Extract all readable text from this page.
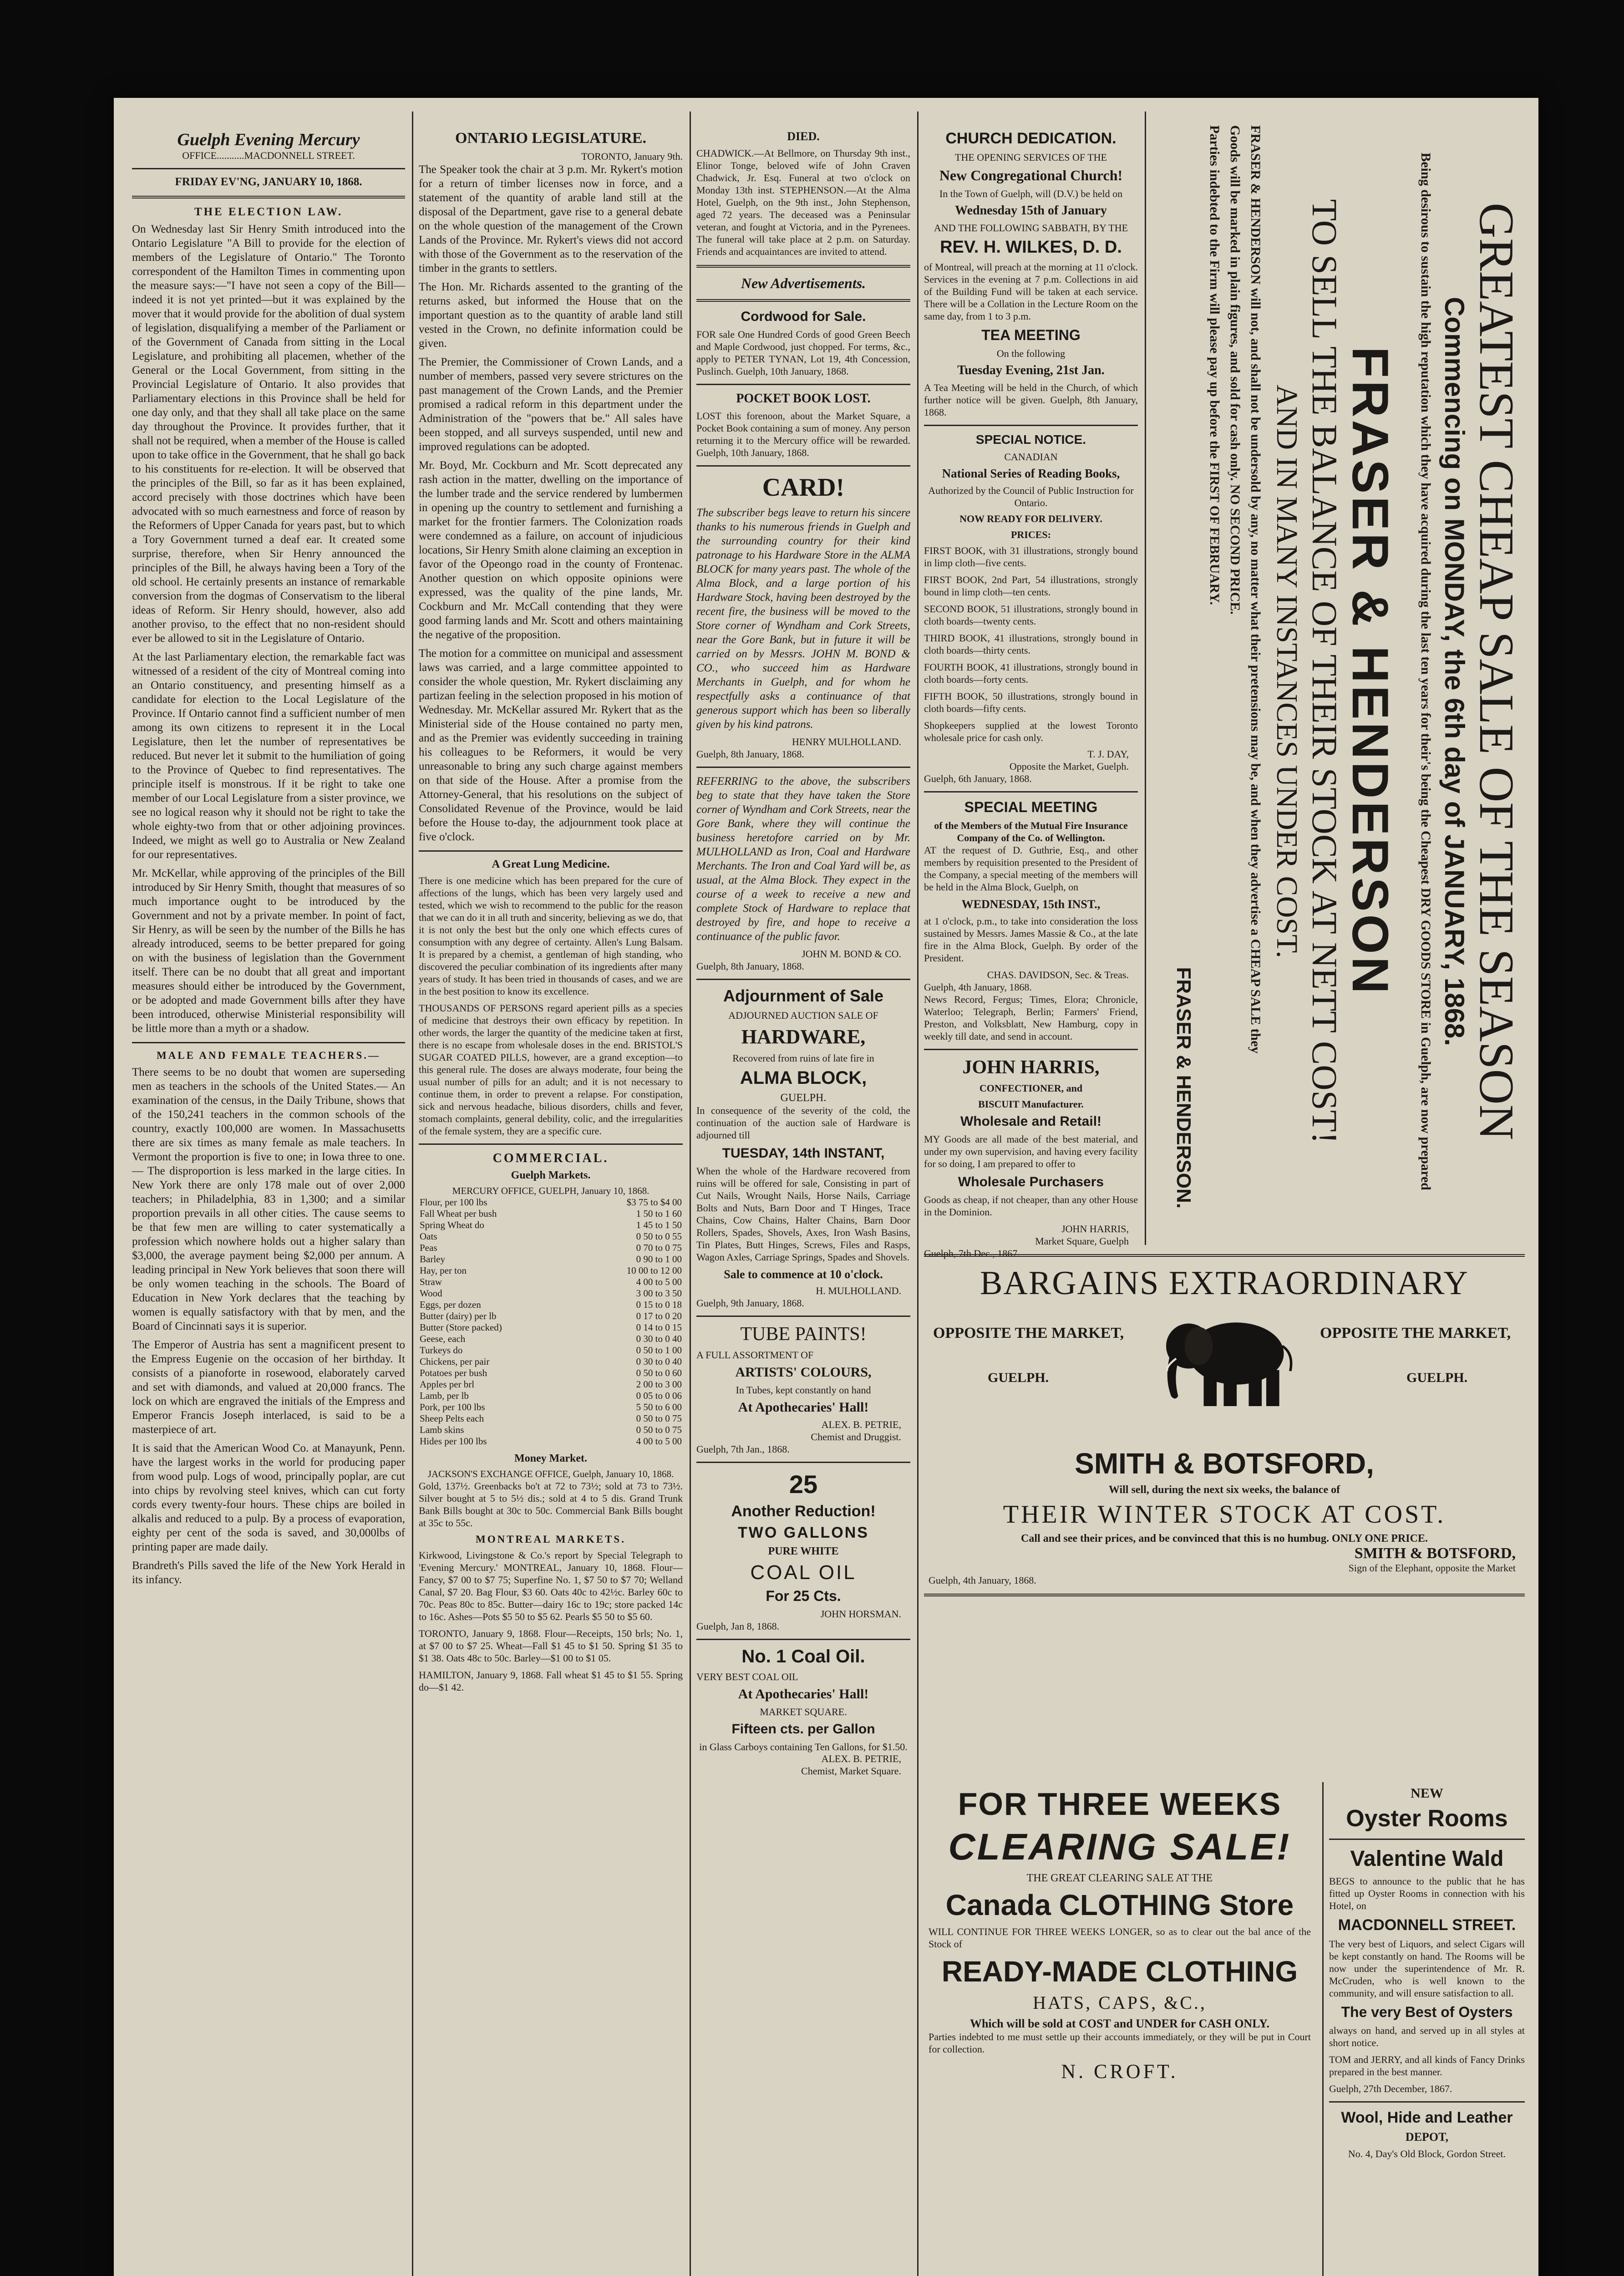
Guelph Evening Mercury
OFFICE...........MACDONNELL STREET.
FRIDAY EV'NG, JANUARY 10, 1868.
THE ELECTION LAW.

On Wednesday last Sir Henry Smith introduced into the Ontario Legislature "A Bill to provide for the election of members of the Legislature of Ontario." The Toronto correspondent of the Hamilton Times in commenting upon the measure says:—"I have not seen a copy of the Bill—indeed it is not yet printed—but it was explained by the mover that it would provide for the abolition of dual system of legislation, disqualifying a member of the Parliament or of the Government of Canada from sitting in the Local Legislature, and prohibiting all placemen, whether of the General or the Local Government, from sitting in the Provincial Legislature of Ontario. It also provides that Parliamentary elections in this Province shall be held for one day only, and that they shall all take place on the same day throughout the Province. It provides further, that it shall not be required, when a member of the House is called upon to take office in the Government, that he shall go back to his constituents for re-election. It will be observed that the principles of the Bill, so far as it has been explained, accord precisely with those doctrines which have been advocated with so much earnestness and force of reason by the Reformers of Upper Canada for years past, but to which a Tory Government turned a deaf ear. It created some surprise, therefore, when Sir Henry announced the principles of the Bill, he always having been a Tory of the old school. He certainly presents an instance of remarkable conversion from the dogmas of Conservatism to the liberal ideas of Reform. Sir Henry should, however, also add another proviso, to the effect that no non-resident should ever be allowed to sit in the Legislature of Ontario.

At the last Parliamentary election, the remarkable fact was witnessed of a resident of the city of Montreal coming into an Ontario constituency, and presenting himself as a candidate for election to the Local Legislature of the Province. If Ontario cannot find a sufficient number of men among its own citizens to represent it in the Local Legislature, then let the number of representatives be reduced. But never let it submit to the humiliation of going to the Province of Quebec to find representatives. The principle itself is monstrous. If it be right to take one member of our Local Legislature from a sister province, we see no logical reason why it should not be right to take the whole eighty-two from that or other adjoining provinces. Indeed, we might as well go to Australia or New Zealand for our representatives.

Mr. McKellar, while approving of the principles of the Bill introduced by Sir Henry Smith, thought that measures of so much importance ought to be introduced by the Government and not by a private member. In point of fact, Sir Henry, as will be seen by the number of the Bills he has already introduced, seems to be better prepared for going on with the business of legislation than the Government itself. There can be no doubt that all great and important measures should either be introduced by the Government, or be adopted and made Government bills after they have been introduced, otherwise Ministerial responsibility will be little more than a myth or a shadow.

MALE AND FEMALE TEACHERS.—

There seems to be no doubt that women are superseding men as teachers in the schools of the United States.— An examination of the census, in the Daily Tribune, shows that of the 150,241 teachers in the common schools of the country, exactly 100,000 are women. In Massachusetts there are six times as many female as male teachers. In Vermont the proportion is five to one; in Iowa three to one.— The disproportion is less marked in the large cities. In New York there are only 178 male out of over 2,000 teachers; in Philadelphia, 83 in 1,300; and a similar proportion prevails in all other cities. The cause seems to be that few men are willing to cater systematically a profession which nowhere holds out a higher salary than $3,000, the average payment being $2,000 per annum. A leading principal in New York believes that soon there will be only women teaching in the schools. The Board of Education in New York declares that the teaching by women is equally satisfactory with that by men, and the Board of Cincinnati says it is superior.

The Emperor of Austria has sent a magnificent present to the Empress Eugenie on the occasion of her birthday. It consists of a pianoforte in rosewood, elaborately carved and set with diamonds, and valued at 20,000 francs. The lock on which are engraved the initials of the Empress and Emperor Francis Joseph interlaced, is said to be a masterpiece of art.

It is said that the American Wood Co. at Manayunk, Penn. have the largest works in the world for producing paper from wood pulp. Logs of wood, principally poplar, are cut into chips by revolving steel knives, which can cut forty cords every twenty-four hours. These chips are boiled in alkalis and reduced to a pulp. By a process of evaporation, eighty per cent of the soda is saved, and 30,000lbs of printing paper are made daily.

Brandreth's Pills saved the life of the New York Herald in its infancy.

ONTARIO LEGISLATURE.
TORONTO, January 9th.

The Speaker took the chair at 3 p.m. Mr. Rykert's motion for a return of timber licenses now in force, and a statement of the quantity of arable land still at the disposal of the Department, gave rise to a general debate on the whole question of the management of the Crown Lands of the Province. Mr. Rykert's views did not accord with those of the Government as to the reservation of the timber in the grants to settlers.

The Hon. Mr. Richards assented to the granting of the returns asked, but informed the House that on the important question as to the quantity of arable land still vested in the Crown, no definite information could be given.

The Premier, the Commissioner of Crown Lands, and a number of members, passed very severe strictures on the past management of the Crown Lands, and the Premier promised a radical reform in this department under the Administration of the "powers that be." All sales have been stopped, and all surveys suspended, until new and improved regulations can be adopted.

Mr. Boyd, Mr. Cockburn and Mr. Scott deprecated any rash action in the matter, dwelling on the importance of the lumber trade and the service rendered by lumbermen in opening up the country to settlement and furnishing a market for the frontier farmers. The Colonization roads were condemned as a failure, on account of injudicious locations, Sir Henry Smith alone claiming an exception in favor of the Opeongo road in the county of Frontenac. Another question on which opposite opinions were expressed, was the quality of the pine lands, Mr. Cockburn and Mr. McCall contending that they were good farming lands and Mr. Scott and others maintaining the negative of the proposition.

The motion for a committee on municipal and assessment laws was carried, and a large committee appointed to consider the whole question, Mr. Rykert disclaiming any partizan feeling in the selection proposed in his motion of Wednesday. Mr. McKellar assured Mr. Rykert that as the Ministerial side of the House contained no party men, and as the Premier was evidently succeeding in training his colleagues to be Reformers, it would be very unreasonable to bring any such charge against members on that side of the House. After a promise from the Attorney-General, that his resolutions on the subject of Consolidated Revenue of the Province, would be laid before the House to-day, the adjournment took place at five o'clock.

A Great Lung Medicine.

There is one medicine which has been prepared for the cure of affections of the lungs, which has been very largely used and tested, which we wish to recommend to the public for the reason that we can do it in all truth and sincerity, believing as we do, that it is not only the best but the only one which effects cures of consumption with any degree of certainty. Allen's Lung Balsam. It is prepared by a chemist, a gentleman of high standing, who discovered the peculiar combination of its ingredients after many years of study. It has been tried in thousands of cases, and we are in the best position to know its excellence.

THOUSANDS OF PERSONS regard aperient pills as a species of medicine that destroys their own efficacy by repetition. In other words, the larger the quantity of the medicine taken at first, there is no escape from wholesale doses in the end. BRISTOL'S SUGAR COATED PILLS, however, are a grand exception—to this general rule. The doses are always moderate, four being the usual number of pills for an adult; and it is not necessary to continue them, in order to prevent a relapse. For constipation, sick and nervous headache, bilious disorders, chills and fever, stomach complaints, general debility, colic, and the irregularities of the female system, they are a specific cure.

COMMERCIAL.
Guelph Markets.
MERCURY OFFICE, GUELPH, January 10, 1868.
Flour, per 100 lbs	$3 75 to $4 00
Fall Wheat per bush	1 50 to 1 60
Spring Wheat do	1 45 to 1 50
Oats	0 50 to 0 55
Peas	0 70 to 0 75
Barley	0 90 to 1 00
Hay, per ton	10 00 to 12 00
Straw	4 00 to 5 00
Wood	3 00 to 3 50
Eggs, per dozen	0 15 to 0 18
Butter (dairy) per lb	0 17 to 0 20
Butter (Store packed)	0 14 to 0 15
Geese, each	0 30 to 0 40
Turkeys do	0 50 to 1 00
Chickens, per pair	0 30 to 0 40
Potatoes per bush	0 50 to 0 60
Apples per brl	2 00 to 3 00
Lamb, per lb	0 05 to 0 06
Pork, per 100 lbs	5 50 to 6 00
Sheep Pelts each	0 50 to 0 75
Lamb skins	0 50 to 0 75
Hides per 100 lbs	4 00 to 5 00
Money Market.
JACKSON'S EXCHANGE OFFICE, Guelph, January 10, 1868.

Gold, 137½. Greenbacks bo't at 72 to 73½; sold at 73 to 73½. Silver bought at 5 to 5½ dis.; sold at 4 to 5 dis. Grand Trunk Bank Bills bought at 30c to 50c. Commercial Bank Bills bought at 35c to 55c.

MONTREAL MARKETS.

Kirkwood, Livingstone & Co.'s report by Special Telegraph to 'Evening Mercury.' MONTREAL, January 10, 1868. Flour—Fancy, $7 00 to $7 75; Superfine No. 1, $7 50 to $7 70; Welland Canal, $7 20. Bag Flour, $3 60. Oats 40c to 42½c. Barley 60c to 70c. Peas 80c to 85c. Butter—dairy 16c to 19c; store packed 14c to 16c. Ashes—Pots $5 50 to $5 62. Pearls $5 50 to $5 60.

TORONTO, January 9, 1868. Flour—Receipts, 150 brls; No. 1, at $7 00 to $7 25. Wheat—Fall $1 45 to $1 50. Spring $1 35 to $1 38. Oats 48c to 50c. Barley—$1 00 to $1 05.

HAMILTON, January 9, 1868. Fall wheat $1 45 to $1 55. Spring do—$1 42.

DIED.

CHADWICK.—At Bellmore, on Thursday 9th inst., Elinor Tonge, beloved wife of John Craven Chadwick, Jr. Esq. Funeral at two o'clock on Monday 13th inst. STEPHENSON.—At the Alma Hotel, Guelph, on the 9th inst., John Stephenson, aged 72 years. The deceased was a Peninsular veteran, and fought at Victoria, and in the Pyrenees. The funeral will take place at 2 p.m. on Saturday. Friends and acquaintances are invited to attend.

New Advertisements.
Cordwood for Sale.

FOR sale One Hundred Cords of good Green Beech and Maple Cordwood, just chopped. For terms, &c., apply to PETER TYNAN, Lot 19, 4th Concession, Puslinch. Guelph, 10th January, 1868.

POCKET BOOK LOST.

LOST this forenoon, about the Market Square, a Pocket Book containing a sum of money. Any person returning it to the Mercury office will be rewarded. Guelph, 10th January, 1868.

CARD!

The subscriber begs leave to return his sincere thanks to his numerous friends in Guelph and the surrounding country for their kind patronage to his Hardware Store in the ALMA BLOCK for many years past. The whole of the Alma Block, and a large portion of his Hardware Stock, having been destroyed by the recent fire, the business will be moved to the Store corner of Wyndham and Cork Streets, near the Gore Bank, but in future it will be carried on by Messrs. JOHN M. BOND & CO., who succeed him as Hardware Merchants in Guelph, and for whom he respectfully asks a continuance of that generous support which has been so liberally given by his kind patrons.

HENRY MULHOLLAND.
Guelph, 8th January, 1868.

REFERRING to the above, the subscribers beg to state that they have taken the Store corner of Wyndham and Cork Streets, near the Gore Bank, where they will continue the business heretofore carried on by Mr. MULHOLLAND as Iron, Coal and Hardware Merchants. The Iron and Coal Yard will be, as usual, at the Alma Block. They expect in the course of a week to receive a new and complete Stock of Hardware to replace that destroyed by fire, and hope to receive a continuance of the public favor.

JOHN M. BOND & CO.
Guelph, 8th January, 1868.
Adjournment of Sale
ADJOURNED AUCTION SALE OF
HARDWARE,
Recovered from ruins of late fire in
ALMA BLOCK,
GUELPH.

In consequence of the severity of the cold, the continuation of the auction sale of Hardware is adjourned till

TUESDAY, 14th INSTANT,

When the whole of the Hardware recovered from ruins will be offered for sale, Consisting in part of Cut Nails, Wrought Nails, Horse Nails, Carriage Bolts and Nuts, Barn Door and T Hinges, Trace Chains, Cow Chains, Halter Chains, Barn Door Rollers, Spades, Shovels, Axes, Iron Wash Basins, Tin Plates, Butt Hinges, Screws, Files and Rasps, Wagon Axles, Carriage Springs, Spades and Shovels.

Sale to commence at 10 o'clock.
H. MULHOLLAND.
Guelph, 9th January, 1868.
TUBE PAINTS!
A FULL ASSORTMENT OF
ARTISTS' COLOURS,
In Tubes, kept constantly on hand
At Apothecaries' Hall!
ALEX. B. PETRIE,
Chemist and Druggist.
Guelph, 7th Jan., 1868.
25
Another Reduction!
TWO GALLONS
PURE WHITE
COAL OIL
For 25 Cts.
JOHN HORSMAN.
Guelph, Jan 8, 1868.
No. 1 Coal Oil.
VERY BEST COAL OIL
At Apothecaries' Hall!
MARKET SQUARE.
Fifteen cts. per Gallon
in Glass Carboys containing Ten Gallons, for $1.50.
ALEX. B. PETRIE,
Chemist, Market Square.
CHURCH DEDICATION.
THE OPENING SERVICES OF THE
New Congregational Church!
In the Town of Guelph, will (D.V.) be held on
Wednesday 15th of January
AND THE FOLLOWING SABBATH, BY THE
REV. H. WILKES, D. D.

of Montreal, will preach at the morning at 11 o'clock. Services in the evening at 7 p.m. Collections in aid of the Building Fund will be taken at each service. There will be a Collation in the Lecture Room on the same day, from 1 to 3 p.m.

TEA MEETING
On the following
Tuesday Evening, 21st Jan.

A Tea Meeting will be held in the Church, of which further notice will be given. Guelph, 8th January, 1868.

SPECIAL NOTICE.
CANADIAN
National Series of Reading Books,
Authorized by the Council of Public Instruction for Ontario.
NOW READY FOR DELIVERY.
PRICES:

FIRST BOOK, with 31 illustrations, strongly bound in limp cloth—five cents.

FIRST BOOK, 2nd Part, 54 illustrations, strongly bound in limp cloth—ten cents.

SECOND BOOK, 51 illustrations, strongly bound in cloth boards—twenty cents.

THIRD BOOK, 41 illustrations, strongly bound in cloth boards—thirty cents.

FOURTH BOOK, 41 illustrations, strongly bound in cloth boards—forty cents.

FIFTH BOOK, 50 illustrations, strongly bound in cloth boards—fifty cents.

Shopkeepers supplied at the lowest Toronto wholesale price for cash only.

T. J. DAY,
Opposite the Market, Guelph.
Guelph, 6th January, 1868.
SPECIAL MEETING
of the Members of the Mutual Fire Insurance Company of the Co. of Wellington.

AT the request of D. Guthrie, Esq., and other members by requisition presented to the President of the Company, a special meeting of the members will be held in the Alma Block, Guelph, on

WEDNESDAY, 15th INST.,

at 1 o'clock, p.m., to take into consideration the loss sustained by Messrs. James Massie & Co., at the late fire in the Alma Block, Guelph. By order of the President.

CHAS. DAVIDSON, Sec. & Treas.
Guelph, 4th January, 1868.

News Record, Fergus; Times, Elora; Chronicle, Waterloo; Telegraph, Berlin; Farmers' Friend, Preston, and Volksblatt, New Hamburg, copy in weekly till date, and send in account.

JOHN HARRIS,
CONFECTIONER, and
BISCUIT Manufacturer.
Wholesale and Retail!

MY Goods are all made of the best material, and under my own supervision, and having every facility for so doing, I am prepared to offer to

Wholesale Purchasers

Goods as cheap, if not cheaper, than any other House in the Dominion.

JOHN HARRIS,
Market Square, Guelph
Guelph, 7th Dec., 1867.
GREATEST CHEAP SALE OF THE SEASON
Commencing on MONDAY, the 6th day of JANUARY, 1868.
Being desirous to sustain the high reputation which they have acquired during the last ten years for their's being the Cheapest DRY GOODS STORE in Guelph, are now prepared
FRASER & HENDERSON
TO SELL THE BALANCE OF THEIR STOCK AT NETT COST!
AND IN MANY INSTANCES UNDER COST.
FRASER & HENDERSON will not, and shall not be undersold by any, no matter what their pretensions may be, and when they advertise a CHEAP SALE they
Goods will be marked in plain figures, and sold for cash only. NO SECOND PRICE.
Parties indebted to the Firm will please pay up before the FIRST OF FEBRUARY.
FRASER & HENDERSON.
BARGAINS EXTRAORDINARY
OPPOSITE THE MARKET,
GUELPH.
OPPOSITE THE MARKET,
GUELPH.
SMITH & BOTSFORD,
Will sell, during the next six weeks, the balance of
THEIR WINTER STOCK AT COST.
Call and see their prices, and be convinced that this is no humbug. ONLY ONE PRICE.
SMITH & BOTSFORD,
Sign of the Elephant, opposite the Market
Guelph, 4th January, 1868.
FOR THREE WEEKS
CLEARING SALE!
THE GREAT CLEARING SALE AT THE
Canada CLOTHING Store

WILL CONTINUE FOR THREE WEEKS LONGER, so as to clear out the bal ance of the Stock of

READY-MADE CLOTHING
HATS, CAPS, &C.,
Which will be sold at COST and UNDER for CASH ONLY.

Parties indebted to me must settle up their accounts immediately, or they will be put in Court for collection.

N. CROFT.
NEW
Oyster Rooms
Valentine Wald

BEGS to announce to the public that he has fitted up Oyster Rooms in connection with his Hotel, on

MACDONNELL STREET.

The very best of Liquors, and select Cigars will be kept constantly on hand. The Rooms will be now under the superintendence of Mr. R. McCruden, who is well known to the community, and will ensure satisfaction to all.

The very Best of Oysters

always on hand, and served up in all styles at short notice.

TOM and JERRY, and all kinds of Fancy Drinks prepared in the best manner.

Guelph, 27th December, 1867.
Wool, Hide and Leather
DEPOT,
No. 4, Day's Old Block, Gordon Street.
